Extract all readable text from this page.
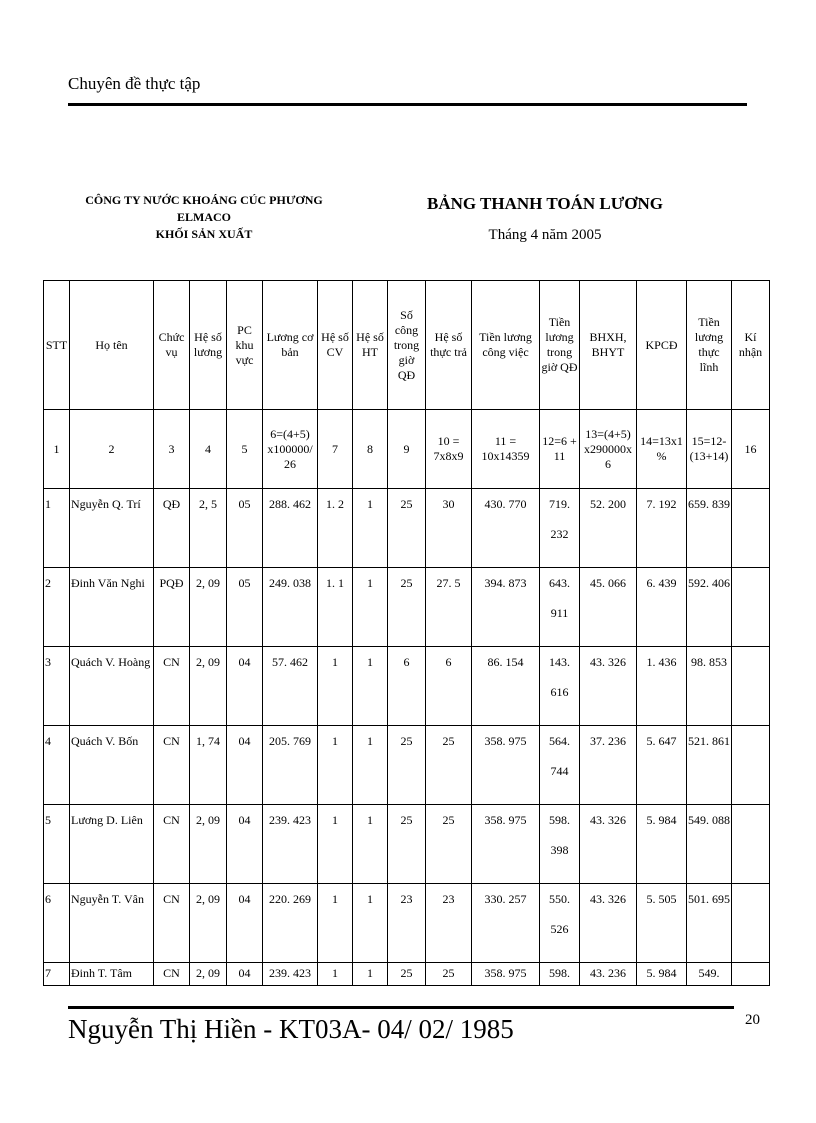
Chuyên đề thực tập
CÔNG TY NƯỚC KHOÁNG CÚC PHƯƠNG ELMACO
KHỐI SẢN XUẤT
BẢNG THANH TOÁN LƯƠNG
Tháng 4 năm 2005
STT	Họ tên	Chức vụ	Hệ số lương	PC khu vực	Lương cơ bản	Hệ số CV	Hệ số HT	Số công trong giờ QĐ	Hệ số thực trả	Tiền lương công việc	Tiền lương trong giờ QĐ	BHXH, BHYT	KPCĐ	Tiền lương thực lĩnh	Kí nhận
1	2	3	4	5	6=(4+5) x100000/ 26	7	8	9	10 = 7x8x9	11 = 10x14359	12=6 + 11	13=(4+5) x290000x 6	14=13x1 %	15=12-(13+14)	16
1	Nguyễn Q. Trí	QĐ	2, 5	05	288. 462	1. 2	1	25	30	430. 770	719. 232	52. 200	7. 192	659. 839	
2	Đinh Văn Nghi	PQĐ	2, 09	05	249. 038	1. 1	1	25	27. 5	394. 873	643. 911	45. 066	6. 439	592. 406	
3	Quách V. Hoàng	CN	2, 09	04	57. 462	1	1	6	6	86. 154	143. 616	43. 326	1. 436	98. 853	
4	Quách V. Bốn	CN	1, 74	04	205. 769	1	1	25	25	358. 975	564. 744	37. 236	5. 647	521. 861	
5	Lương D. Liên	CN	2, 09	04	239. 423	1	1	25	25	358. 975	598. 398	43. 326	5. 984	549. 088	
6	Nguyễn T. Vân	CN	2, 09	04	220. 269	1	1	23	23	330. 257	550. 526	43. 326	5. 505	501. 695	
7	Đinh T. Tâm	CN	2, 09	04	239. 423	1	1	25	25	358. 975	598.	43. 236	5. 984	549.	
Nguyễn Thị Hiền - KT03A- 04/ 02/ 1985	20
